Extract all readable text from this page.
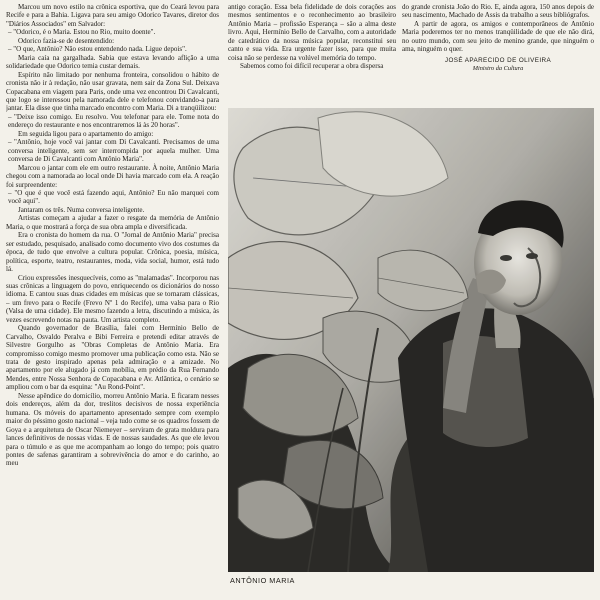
Marcou um novo estilo na crônica esportiva, que do Ceará levou para Recife e para a Bahia. Ligava para seu amigo Odorico Tavares, diretor dos "Diários Associados" em Salvador:

– "Odorico, é o Maria. Estou no Rio, muito doente".

Odorico fazia-se de desentendido:

– "O que, Antônio? Não estou entendendo nada. Ligue depois".

Maria caía na gargalhada. Sabia que estava levando aflição a uma solidariedade que Odorico temia custar demais.

Espírito não limitado por nenhuma fronteira, consolidou o hábito de cronista não ir à redação, não usar gravata, nem sair da Zona Sul. Deixava Copacabana em viagem para Paris, onde uma vez encontrou Di Cavalcanti, que logo se interessou pela namorada dele e telefonou convidando-a para jantar. Ela disse que tinha marcado encontro com Maria. Di a tranqüilizou:

– "Deixe isso comigo. Eu resolvo. Vou telefonar para ele. Tome nota do endereço do restaurante e nos encontraremos lá às 20 horas".

Em seguida ligou para o apartamento do amigo:

– "Antônio, hoje você vai jantar com Di Cavalcanti. Precisamos de uma conversa inteligente, sem ser interrompida por aquela mulher. Uma conversa de Di Cavalcanti com Antônio Maria".

Marcou o jantar com ele em outro restaurante. À noite, Antônio Maria chegou com a namorada ao local onde Di havia marcado com ela. A reação foi surpreendente:

– "O que é que você está fazendo aqui, Antônio? Eu não marquei com você aqui".

Jantaram os três. Numa conversa inteligente.

Artistas começam a ajudar a fazer o resgate da memória de Antônio Maria, o que mostrará a força de sua obra ampla e diversificada.

Era o cronista do homem da rua. O "Jornal de Antônio Maria" precisa ser estudado, pesquisado, analisado como documento vivo dos costumes da época, de tudo que envolve a cultura popular. Crônica, poesia, música, política, esporte, teatro, restaurantes, moda, vida social, humor, está tudo lá.

Criou expressões inesquecíveis, como as "malamadas". Incorporou nas suas crônicas a linguagem do povo, enriquecendo os dicionários do nosso idioma. E cantou suas duas cidades em músicas que se tornaram clássicas, – um frevo para o Recife (Frevo Nº 1 do Recife), uma valsa para o Rio (Valsa de uma cidade). Ele mesmo fazendo a letra, discutindo a música, às vezes escrevendo notas na pauta. Um artista completo.

Quando governador de Brasília, falei com Hermínio Bello de Carvalho, Osvaldo Peralva e Bibi Ferreira e pretendi editar através de Silvestre Gorgulho as "Obras Completas de Antônio Maria. Era compromisso comigo mesmo promover uma publicação como esta. Não se trata de gesto inspirado apenas pela admiração e a amizade. No apartamento por ele alugado já com mobília, em prédio da Rua Fernando Mendes, entre Nossa Senhora de Copacabana e Av. Atlântica, o cenário se ampliou com o bar da esquina: "Au Rond-Point".

Nesse apêndice do domicílio, morreu Antônio Maria. E ficaram nesses dois endereços, além da dor, treslitos decisivos de nossa experiência humana. Os móveis do apartamento apresentado sempre com exemplo maior do péssimo gosto nacional – veja tudo come se os quadros fossem de Goya e a arquitetura de Oscar Niemeyer – serviram de grata moldura para lances definitivos de nossas vidas. E de nossas saudades. As que ele levou para o túmulo e as que me acompanham ao longo do tempo; pois quatro pontes de safenas garantiram a sobrevivência do amor e do carinho, ao meu

antigo coração. Essa bela fidelidade de dois corações aos mesmos sentimentos e o reconhecimento ao brasileiro Antônio Maria – profissão Esperança – são a alma deste livro. Aqui, Hermínio Bello de Carvalho, com a autoridade de catedrático da nossa música popular, reconstitui seu canto e sua vida. Era urgente fazer isso, para que muita coisa não se perdesse na volúvel memória do tempo.

Sabemos como foi difícil recuperar a obra dispersa

do grande cronista João do Rio. E, ainda agora, 150 anos depois de seu nascimento, Machado de Assis da trabalho a seus bibliógrafos.

A partir de agora, os amigos e contemporâneos de Antônio Maria poderemos ter no menos tranqüilidade de que ele não dirá, no outro mundo, com seu jeito de menino grande, que ninguém o ama, ninguém o quer.

JOSÉ APARECIDO DE OLIVEIRA
Ministro da Cultura
ANTÔNIO MARIA
